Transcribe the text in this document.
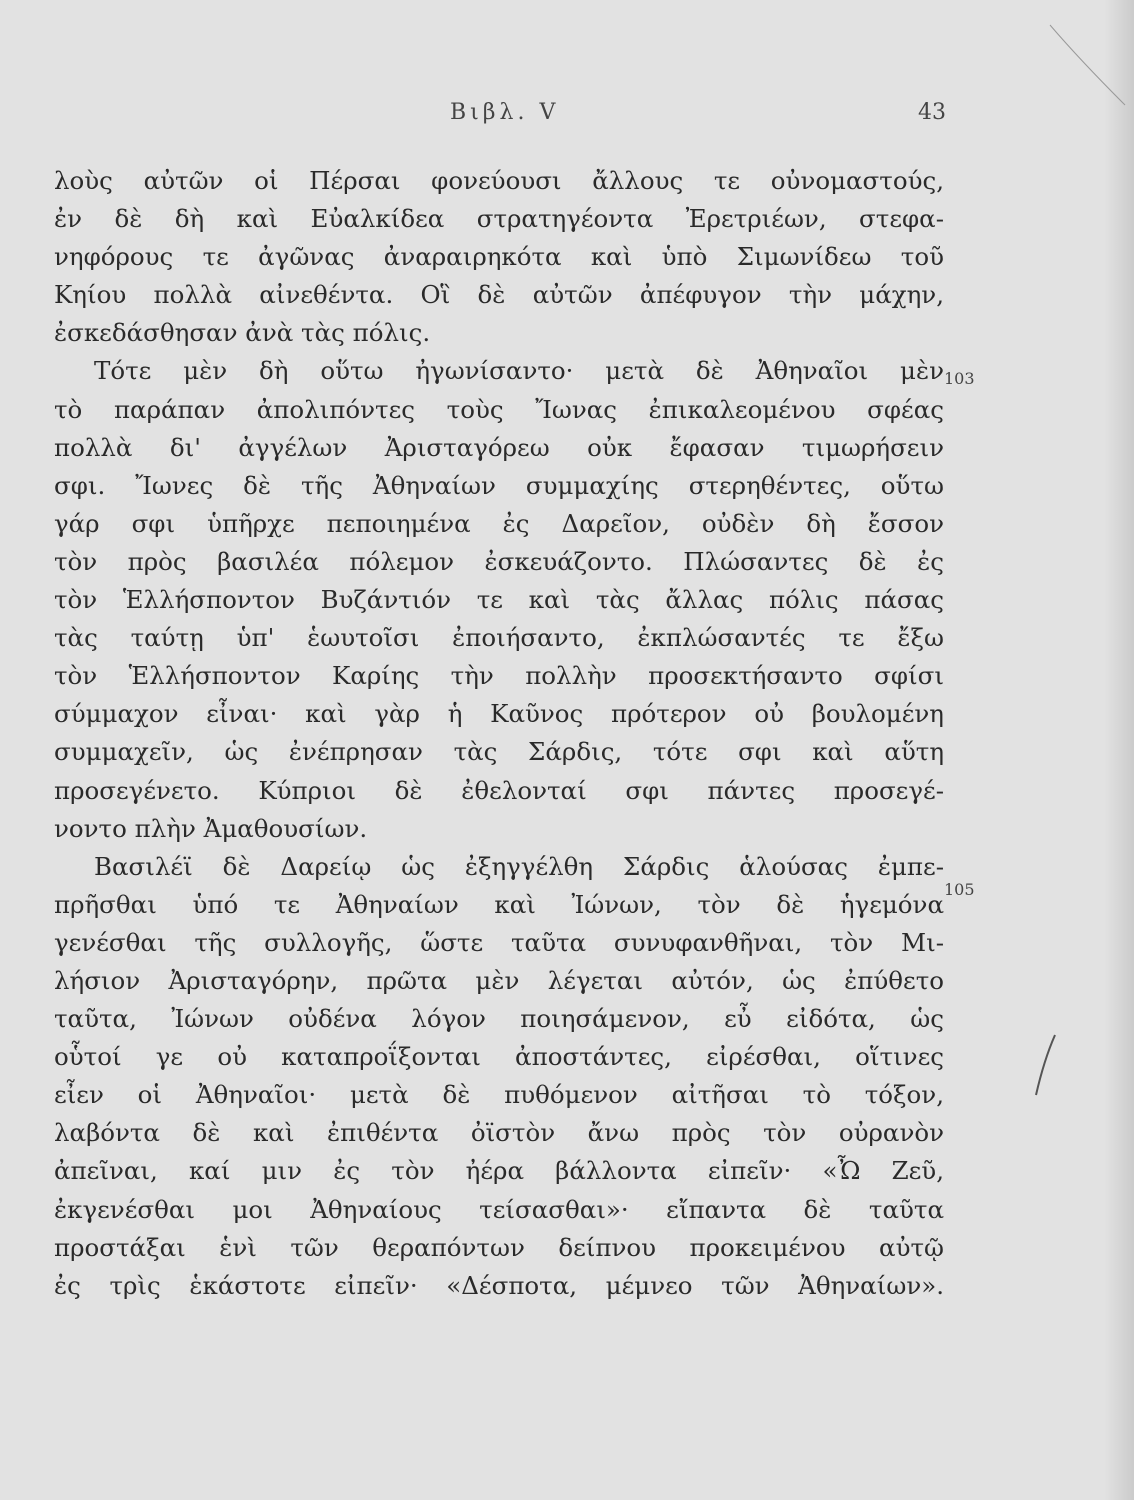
Βιβλ. V	43
λοὺς αὐτῶν οἱ Πέρσαι φονεύουσι ἄλλους τε οὐνομαστούς,
ἐν δὲ δὴ καὶ Εὐαλκίδεα στρατηγέοντα Ἐρετριέων, στεφα-
νηφόρους τε ἀγῶνας ἀναραιρηκότα καὶ ὑπὸ Σιμωνίδεω τοῦ
Κηίου πολλὰ αἰνεθέντα. Οἳ δὲ αὐτῶν ἀπέφυγον τὴν μάχην,
ἐσκεδάσθησαν ἀνὰ τὰς πόλις.
Τότε μὲν δὴ οὕτω ἠγωνίσαντο· μετὰ δὲ Ἀθηναῖοι μὲν
τὸ παράπαν ἀπολιπόντες τοὺς Ἴωνας ἐπικαλεομένου σφέας
πολλὰ δι' ἀγγέλων Ἀρισταγόρεω οὐκ ἔφασαν τιμωρήσειν
σφι. Ἴωνες δὲ τῆς Ἀθηναίων συμμαχίης στερηθέντες, οὕτω
γάρ σφι ὑπῆρχε πεποιημένα ἐς Δαρεῖον, οὐδὲν δὴ ἔσσον
τὸν πρὸς βασιλέα πόλεμον ἐσκευάζοντο. Πλώσαντες δὲ ἐς
τὸν Ἑλλήσποντον Βυζάντιόν τε καὶ τὰς ἄλλας πόλις πάσας
τὰς ταύτῃ ὑπ' ἑωυτοῖσι ἐποιήσαντο, ἐκπλώσαντές τε ἔξω
τὸν Ἑλλήσποντον Καρίης τὴν πολλὴν προσεκτήσαντο σφίσι
σύμμαχον εἶναι· καὶ γὰρ ἡ Καῦνος πρότερον οὐ βουλομένη
συμμαχεῖν, ὡς ἐνέπρησαν τὰς Σάρδις, τότε σφι καὶ αὕτη
προσεγένετο. Κύπριοι δὲ ἐθελονταί σφι πάντες προσεγέ-
νοντο πλὴν Ἀμαθουσίων.
Βασιλέϊ δὲ Δαρείῳ ὡς ἐξηγγέλθη Σάρδις ἁλούσας ἐμπε-
πρῆσθαι ὑπό τε Ἀθηναίων καὶ Ἰώνων, τὸν δὲ ἡγεμόνα
γενέσθαι τῆς συλλογῆς, ὥστε ταῦτα συνυφανθῆναι, τὸν Μι-
λήσιον Ἀρισταγόρην, πρῶτα μὲν λέγεται αὐτόν, ὡς ἐπύθετο
ταῦτα, Ἰώνων οὐδένα λόγον ποιησάμενον, εὖ εἰδότα, ὡς
οὗτοί γε οὐ καταπροΐξονται ἀποστάντες, εἰρέσθαι, οἵτινες
εἶεν οἱ Ἀθηναῖοι· μετὰ δὲ πυθόμενον αἰτῆσαι τὸ τόξον,
λαβόντα δὲ καὶ ἐπιθέντα ὀϊστὸν ἄνω πρὸς τὸν οὐρανὸν
ἀπεῖναι, καί μιν ἐς τὸν ἠέρα βάλλοντα εἰπεῖν· «Ὦ Ζεῦ,
ἐκγενέσθαι μοι Ἀθηναίους τείσασθαι»· εἴπαντα δὲ ταῦτα
προστάξαι ἑνὶ τῶν θεραπόντων δείπνου προκειμένου αὐτῷ
ἐς τρὶς ἑκάστοτε εἰπεῖν· «Δέσποτα, μέμνεο τῶν Ἀθηναίων».
103
105
